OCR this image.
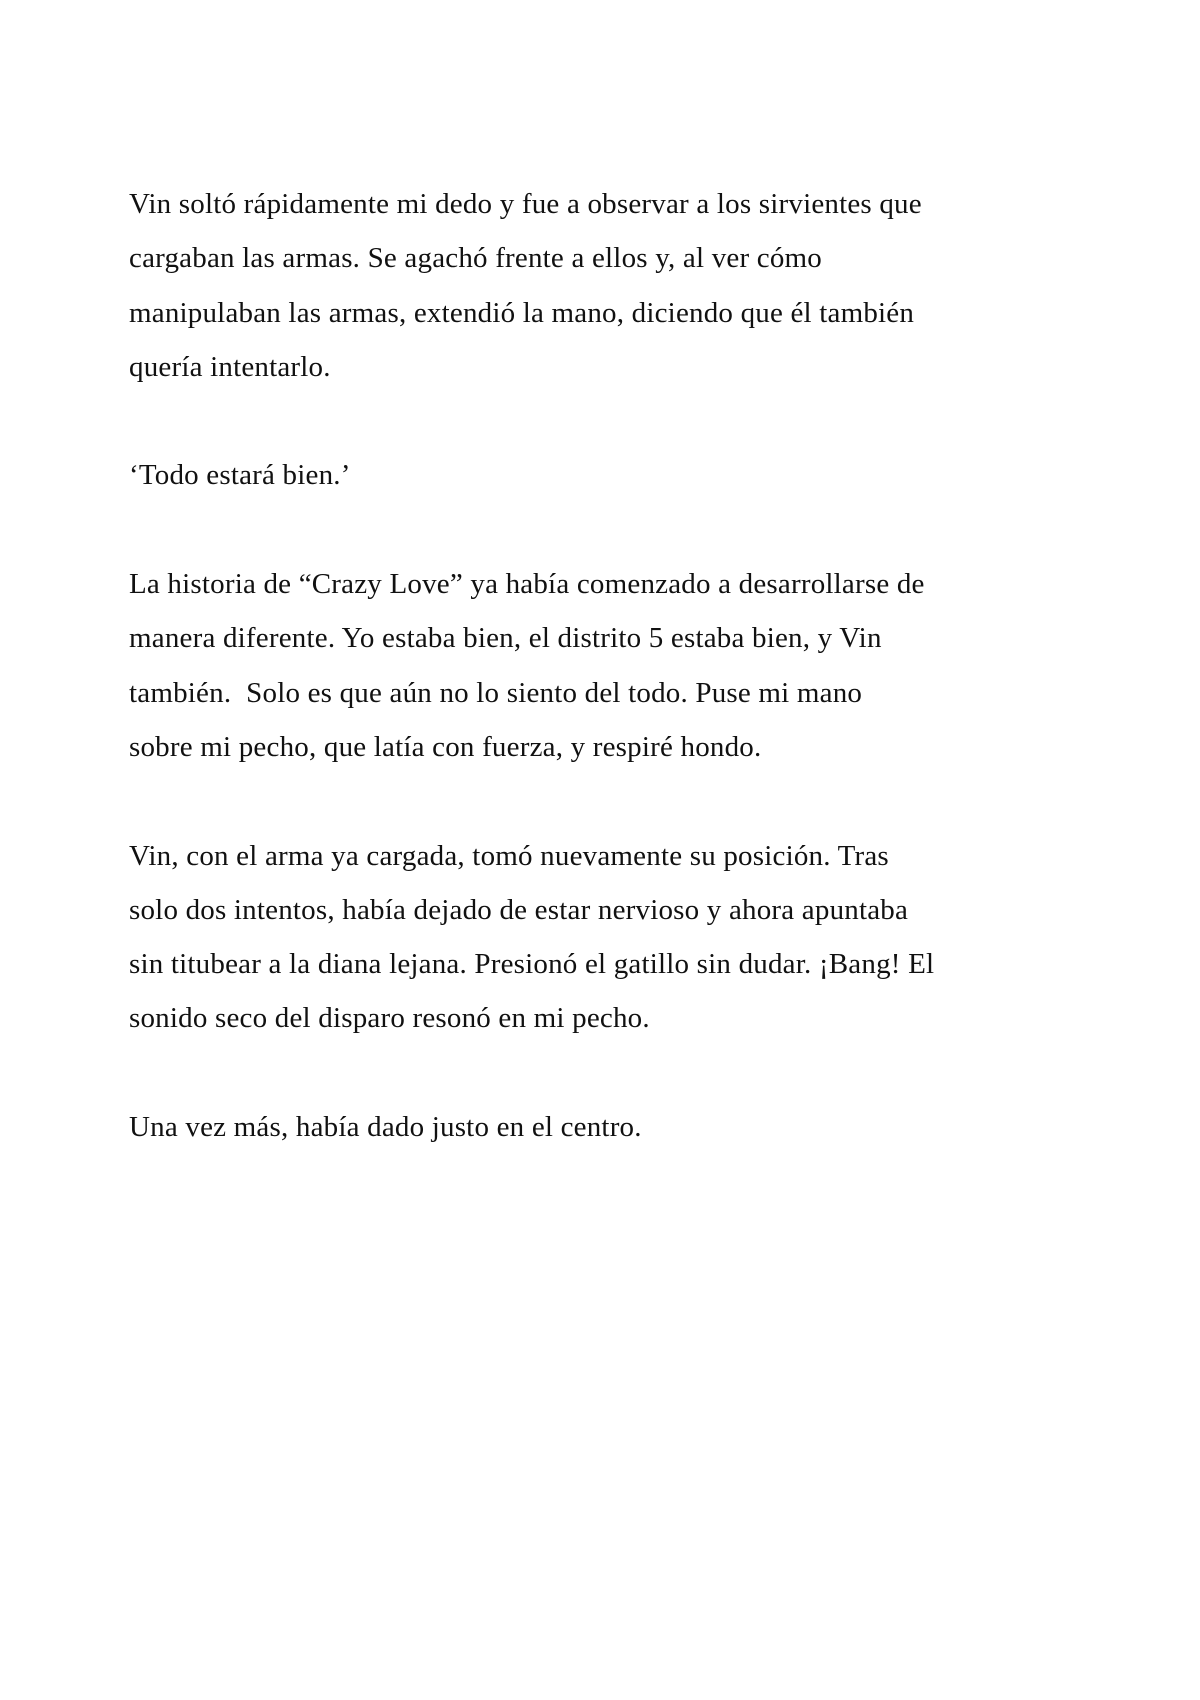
Vin soltó rápidamente mi dedo y fue a observar a los sirvientes que
cargaban las armas. Se agachó frente a ellos y, al ver cómo
manipulaban las armas, extendió la mano, diciendo que él también
quería intentarlo.

‘Todo estará bien.’

La historia de “Crazy Love” ya había comenzado a desarrollarse de
manera diferente. Yo estaba bien, el distrito 5 estaba bien, y Vin
también.  Solo es que aún no lo siento del todo. Puse mi mano
sobre mi pecho, que latía con fuerza, y respiré hondo.

Vin, con el arma ya cargada, tomó nuevamente su posición. Tras
solo dos intentos, había dejado de estar nervioso y ahora apuntaba
sin titubear a la diana lejana. Presionó el gatillo sin dudar. ¡Bang! El
sonido seco del disparo resonó en mi pecho.

Una vez más, había dado justo en el centro.
